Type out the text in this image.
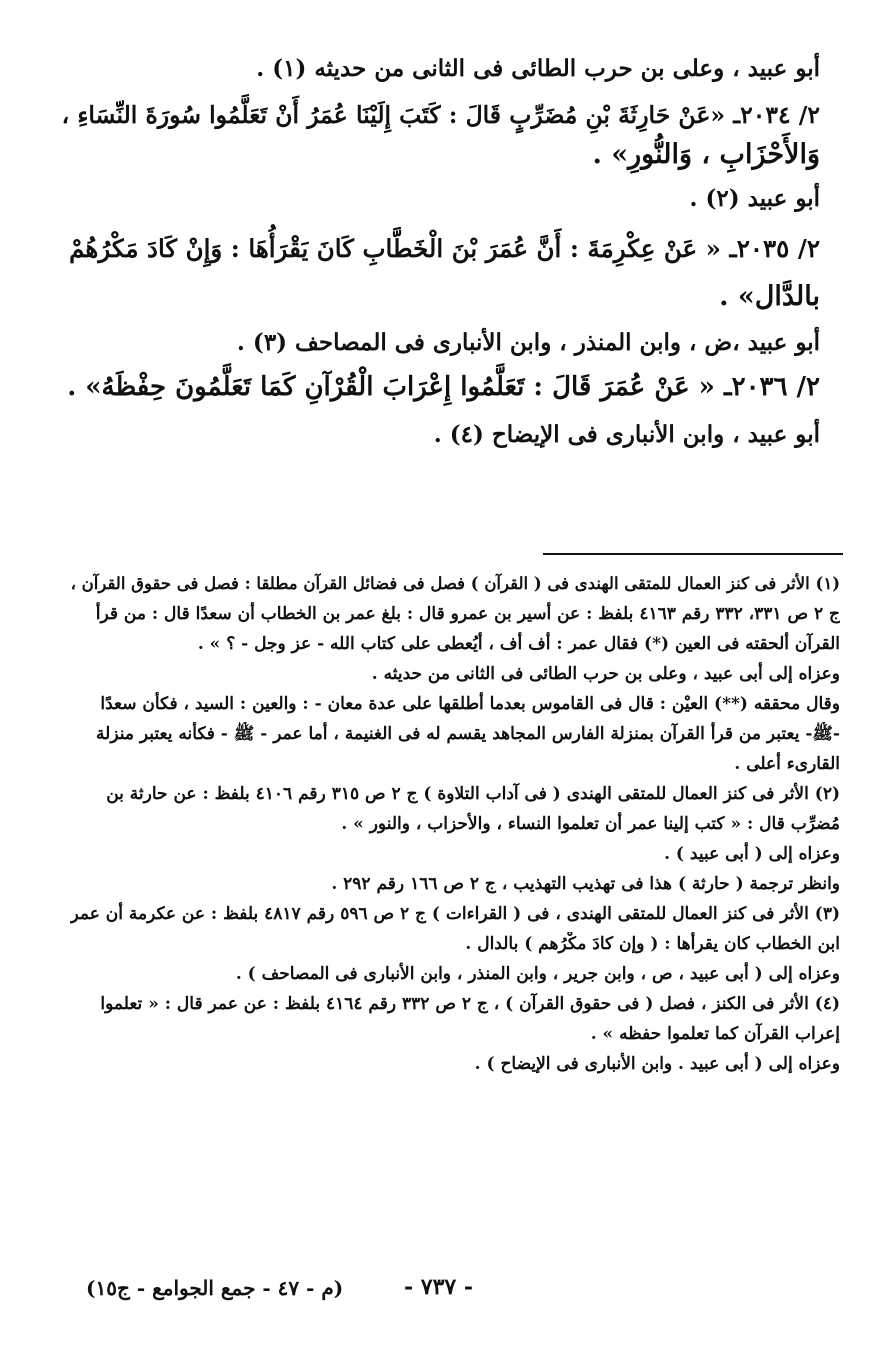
أبو عبيد ، وعلى بن حرب الطائى فى الثانى من حديثه (١) .
٢/ ٢٠٣٤ـ «عَنْ حَارِثَةَ بْنِ مُضَرِّبٍ قَالَ : كَتَبَ إِلَيْنَا عُمَرُ أَنْ تَعَلَّمُوا سُورَةَ النِّسَاءِ ،
وَالأَحْزَابِ ، وَالنُّورِ» .
أبو عبيد (٢) .
٢/ ٢٠٣٥ـ « عَنْ عِكْرِمَةَ : أَنَّ عُمَرَ بْنَ الْخَطَّابِ كَانَ يَقْرَأُهَا : وَإِنْ كَادَ مَكْرُهُمْ
بالدَّال» .
أبو عبيد ،ض ، وابن المنذر ، وابن الأنبارى فى المصاحف (٣) .
٢/ ٢٠٣٦ـ « عَنْ عُمَرَ قَالَ : تَعَلَّمُوا إِعْرَابَ الْقُرْآنِ كَمَا تَعَلَّمُونَ حِفْظَهُ» .
أبو عبيد ، وابن الأنبارى فى الإيضاح (٤) .
(١) الأثر فى كنز العمال للمتقى الهندى فى ( القرآن ) فصل فى فضائل القرآن مطلقا : فصل فى حقوق القرآن ،
ج ٢ ص ٣٣١، ٣٣٢ رقم ٤١٦٣ بلفظ : عن أسير بن عمرو قال : بلغ عمر بن الخطاب أن سعدًا قال : من قرأ
القرآن ألحقته فى العين (*) فقال عمر : أُف أُف ، أيُعطى على كتاب الله - عز وجل - ؟ » .
وعزاه إلى أبى عبيد ، وعلى بن حرب الطائى فى الثانى من حديثه .
وقال محققه (**) العيْن : قال فى القاموس بعدما أطلقها على عدة معان - : والعين : السيد ، فكأن سعدًا
-ﷺ- يعتبر من قرأ القرآن بمنزلة الفارس المجاهد يقسم له فى الغنيمة ، أما عمر - ﷺ - فكأنه يعتبر منزلة
القارىء أعلى .
(٢) الأثر فى كنز العمال للمتقى الهندى ( فى آداب التلاوة ) ج ٢ ص ٣١٥ رقم ٤١٠٦ بلفظ : عن حارثة بن
مُضرِّب قال : « كتب إلينا عمر أن تعلموا النساء ، والأحزاب ، والنور » .
وعزاه إلى ( أبى عبيد ) .
وانظر ترجمة ( حارثة ) هذا فى تهذيب التهذيب ، ج ٢ ص ١٦٦ رقم ٢٩٢ .
(٣) الأثر فى كنز العمال للمتقى الهندى ، فى ( القراءات ) ج ٢ ص ٥٩٦ رقم ٤٨١٧ بلفظ : عن عكرمة أن عمر
ابن الخطاب كان يقرأُها : ( وإن كادَ مكْرُهم ) بالدال .
وعزاه إلى ( أبى عبيد ، ص ، وابن جرير ، وابن المنذر ، وابن الأنبارى فى المصاحف ) .
(٤) الأثر فى الكنز ، فصل ( فى حقوق القرآن ) ، ج ٢ ص ٣٣٢ رقم ٤١٦٤ بلفظ : عن عمر قال : « تعلموا
إعراب القرآن كما تعلموا حفظه » .
وعزاه إلى ( أبى عبيد . وابن الأنبارى فى الإيضاح ) .
- ٧٣٧ -
(م - ٤٧ - جمع الجوامع - ج١٥)
